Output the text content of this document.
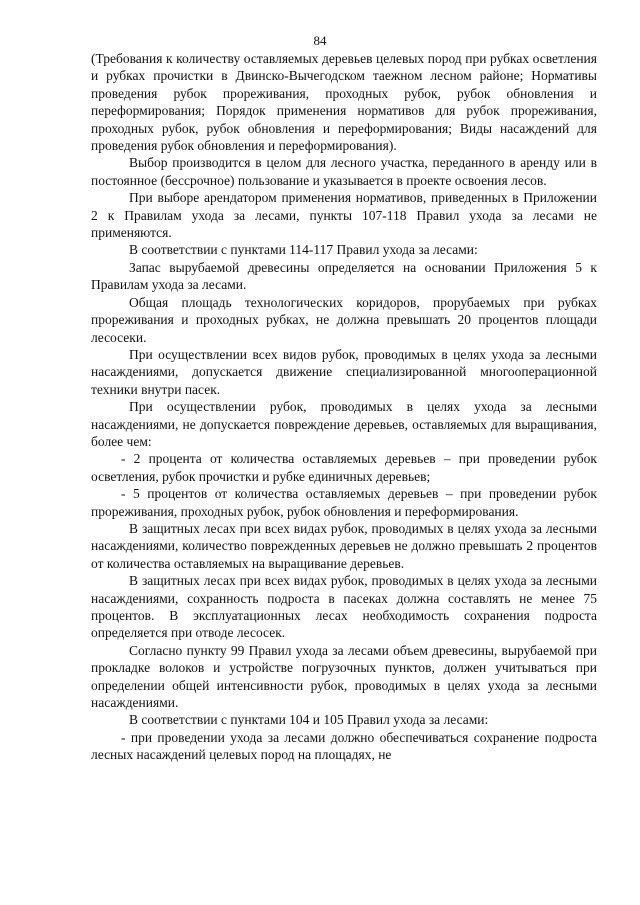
84

(Требования к количеству оставляемых деревьев целевых пород при рубках осветления и рубках прочистки в Двинско-Вычегодском таежном лесном районе; Нормативы проведения рубок прореживания, проходных рубок, рубок обновления и переформирования; Порядок применения нормативов для рубок прореживания, проходных рубок, рубок обновления и переформирования; Виды насаждений для проведения рубок обновления и переформирования).

Выбор производится в целом для лесного участка, переданного в аренду или в постоянное (бессрочное) пользование и указывается в проекте освоения лесов.

При выборе арендатором применения нормативов, приведенных в Приложении 2 к Правилам ухода за лесами, пункты 107-118 Правил ухода за лесами не применяются.

В соответствии с пунктами 114-117 Правил ухода за лесами:

Запас вырубаемой древесины определяется на основании Приложения 5 к Правилам ухода за лесами.

Общая площадь технологических коридоров, прорубаемых при рубках прореживания и проходных рубках, не должна превышать 20 процентов площади лесосеки.

При осуществлении всех видов рубок, проводимых в целях ухода за лесными насаждениями, допускается движение специализированной многооперационной техники внутри пасек.

При осуществлении рубок, проводимых в целях ухода за лесными насаждениями, не допускается повреждение деревьев, оставляемых для выращивания, более чем:

- 2 процента от количества оставляемых деревьев – при проведении рубок осветления, рубок прочистки и рубке единичных деревьев;

- 5 процентов от количества оставляемых деревьев – при проведении рубок прореживания, проходных рубок, рубок обновления и переформирования.

В защитных лесах при всех видах рубок, проводимых в целях ухода за лесными насаждениями, количество поврежденных деревьев не должно превышать 2 процентов от количества оставляемых на выращивание деревьев.

В защитных лесах при всех видах рубок, проводимых в целях ухода за лесными насаждениями, сохранность подроста в пасеках должна составлять не менее 75 процентов. В эксплуатационных лесах необходимость сохранения подроста определяется при отводе лесосек.

Согласно пункту 99 Правил ухода за лесами объем древесины, вырубаемой при прокладке волоков и устройстве погрузочных пунктов, должен учитываться при определении общей интенсивности рубок, проводимых в целях ухода за лесными насаждениями.

В соответствии с пунктами 104 и 105 Правил ухода за лесами:

- при проведении ухода за лесами должно обеспечиваться сохранение подроста лесных насаждений целевых пород на площадях, не
